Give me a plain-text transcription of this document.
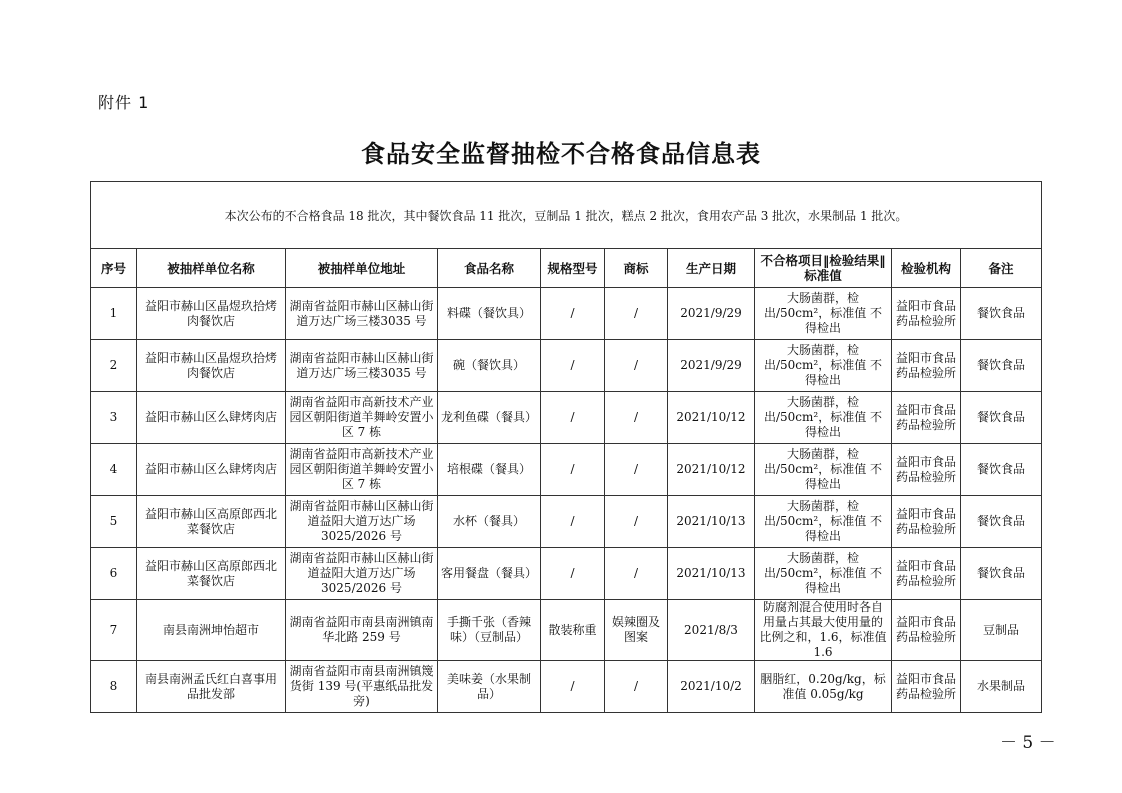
附件 1
食品安全监督抽检不合格食品信息表
本次公布的不合格食品 18 批次，其中餐饮食品 11 批次，豆制品 1 批次，糕点 2 批次，食用农产品 3 批次，水果制品 1 批次。									
序号	被抽样单位名称	被抽样单位地址	食品名称	规格型号	商标	生产日期	不合格项目‖检验结果‖标准值	检验机构	备注
1	益阳市赫山区晶煜玖拾烤肉餐饮店	湖南省益阳市赫山区赫山街道万达广场三楼3035 号	料碟（餐饮具）	/	/	2021/9/29	大肠菌群，检出/50cm²，标准值 不得检出	益阳市食品药品检验所	餐饮食品
2	益阳市赫山区晶煜玖拾烤肉餐饮店	湖南省益阳市赫山区赫山街道万达广场三楼3035 号	碗（餐饮具）	/	/	2021/9/29	大肠菌群，检出/50cm²，标准值 不得检出	益阳市食品药品检验所	餐饮食品
3	益阳市赫山区么肆烤肉店	湖南省益阳市高新技术产业园区朝阳街道羊舞岭安置小区 7 栋	龙利鱼碟（餐具）	/	/	2021/10/12	大肠菌群，检出/50cm²，标准值 不得检出	益阳市食品药品检验所	餐饮食品
4	益阳市赫山区么肆烤肉店	湖南省益阳市高新技术产业园区朝阳街道羊舞岭安置小区 7 栋	培根碟（餐具）	/	/	2021/10/12	大肠菌群，检出/50cm²，标准值 不得检出	益阳市食品药品检验所	餐饮食品
5	益阳市赫山区高原郎西北菜餐饮店	湖南省益阳市赫山区赫山街道益阳大道万达广场 3025/2026 号	水杯（餐具）	/	/	2021/10/13	大肠菌群，检出/50cm²，标准值 不得检出	益阳市食品药品检验所	餐饮食品
6	益阳市赫山区高原郎西北菜餐饮店	湖南省益阳市赫山区赫山街道益阳大道万达广场 3025/2026 号	客用餐盘（餐具）	/	/	2021/10/13	大肠菌群，检出/50cm²，标准值 不得检出	益阳市食品药品检验所	餐饮食品
7	南县南洲坤怡超市	湖南省益阳市南县南洲镇南华北路 259 号	手撕千张（香辣味）（豆制品）	散装称重	娱辣圈及图案	2021/8/3	防腐剂混合使用时各自用量占其最大使用量的比例之和，1.6，标准值 1.6	益阳市食品药品检验所	豆制品
8	南县南洲孟氏红白喜事用品批发部	湖南省益阳市南县南洲镇篾货街 139 号(平惠纸品批发旁)	美味姜（水果制品）	/	/	2021/10/2	胭脂红，0.20g/kg，标准值 0.05g/kg	益阳市食品药品检验所	水果制品
－ 5 －
